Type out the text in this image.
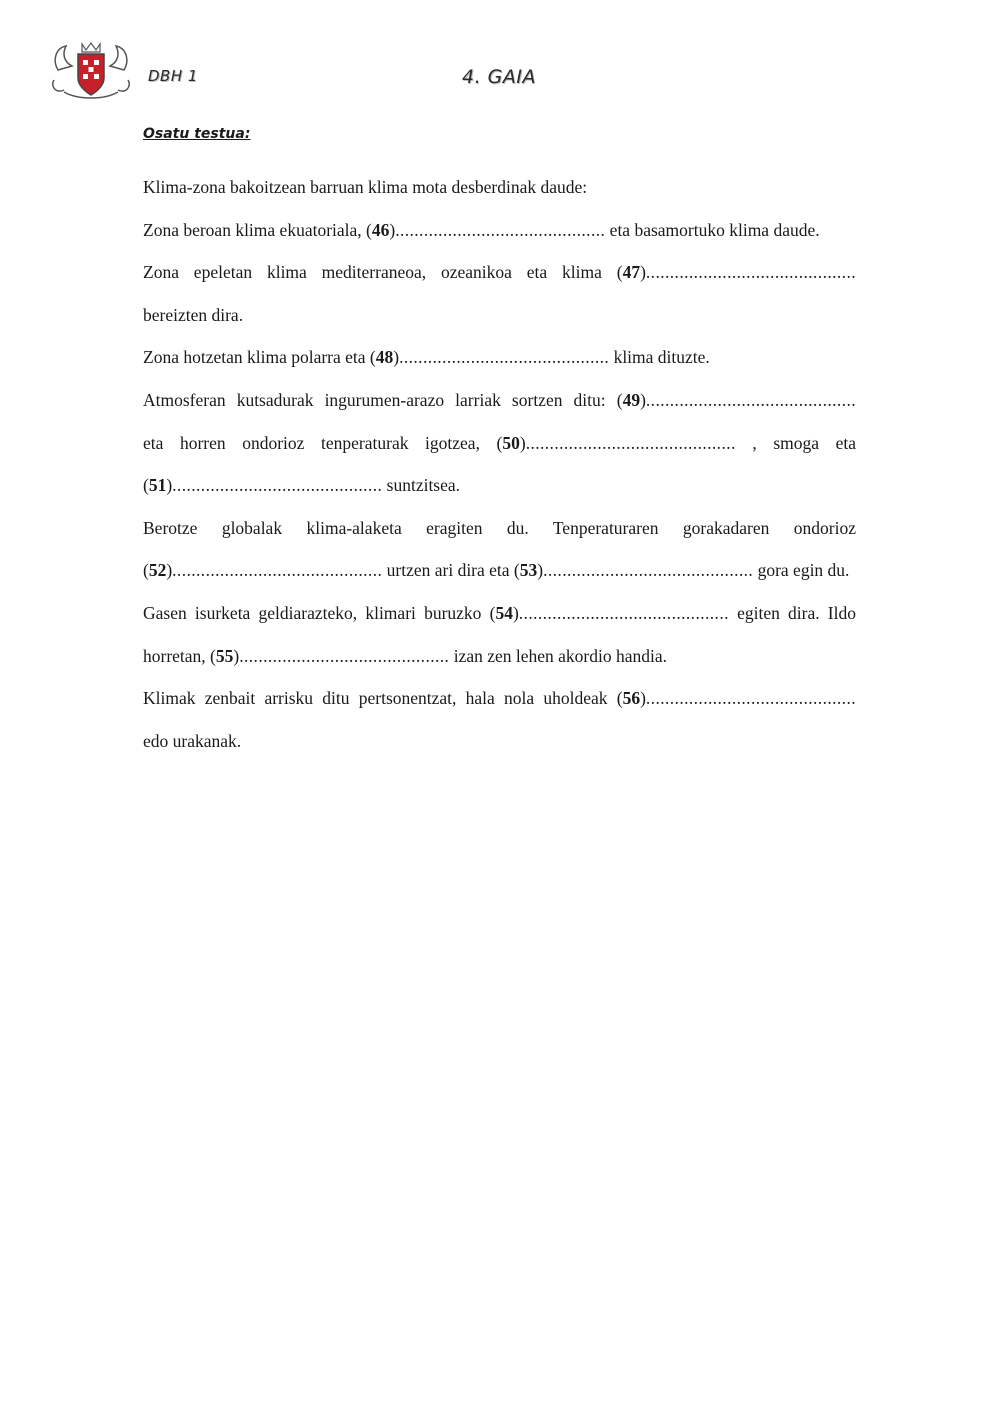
DBH 1	4. GAIA
Osatu testua:
Klima-zona bakoitzean barruan klima mota desberdinak daude:
Zona beroan klima ekuatoriala, (46)............................................ eta basamortuko klima daude.
Zona epeletan klima mediterraneoa, ozeanikoa eta klima (47)............................................
bereizten dira.
Zona hotzetan klima polarra eta (48)............................................ klima dituzte.
Atmosferan kutsadurak ingurumen-arazo larriak sortzen ditu: (49)............................................
eta horren ondorioz tenperaturak igotzea, (50)............................................ , smoga eta
(51)............................................ suntzitsea.
Berotze globalak klima-alaketa eragiten du. Tenperaturaren gorakadaren ondorioz
(52)............................................ urtzen ari dira eta (53)............................................ gora egin du.
Gasen isurketa geldiarazteko, klimari buruzko (54)............................................ egiten dira. Ildo
horretan, (55)............................................ izan zen lehen akordio handia.
Klimak zenbait arrisku ditu pertsonentzat, hala nola uholdeak (56)............................................
edo urakanak.
